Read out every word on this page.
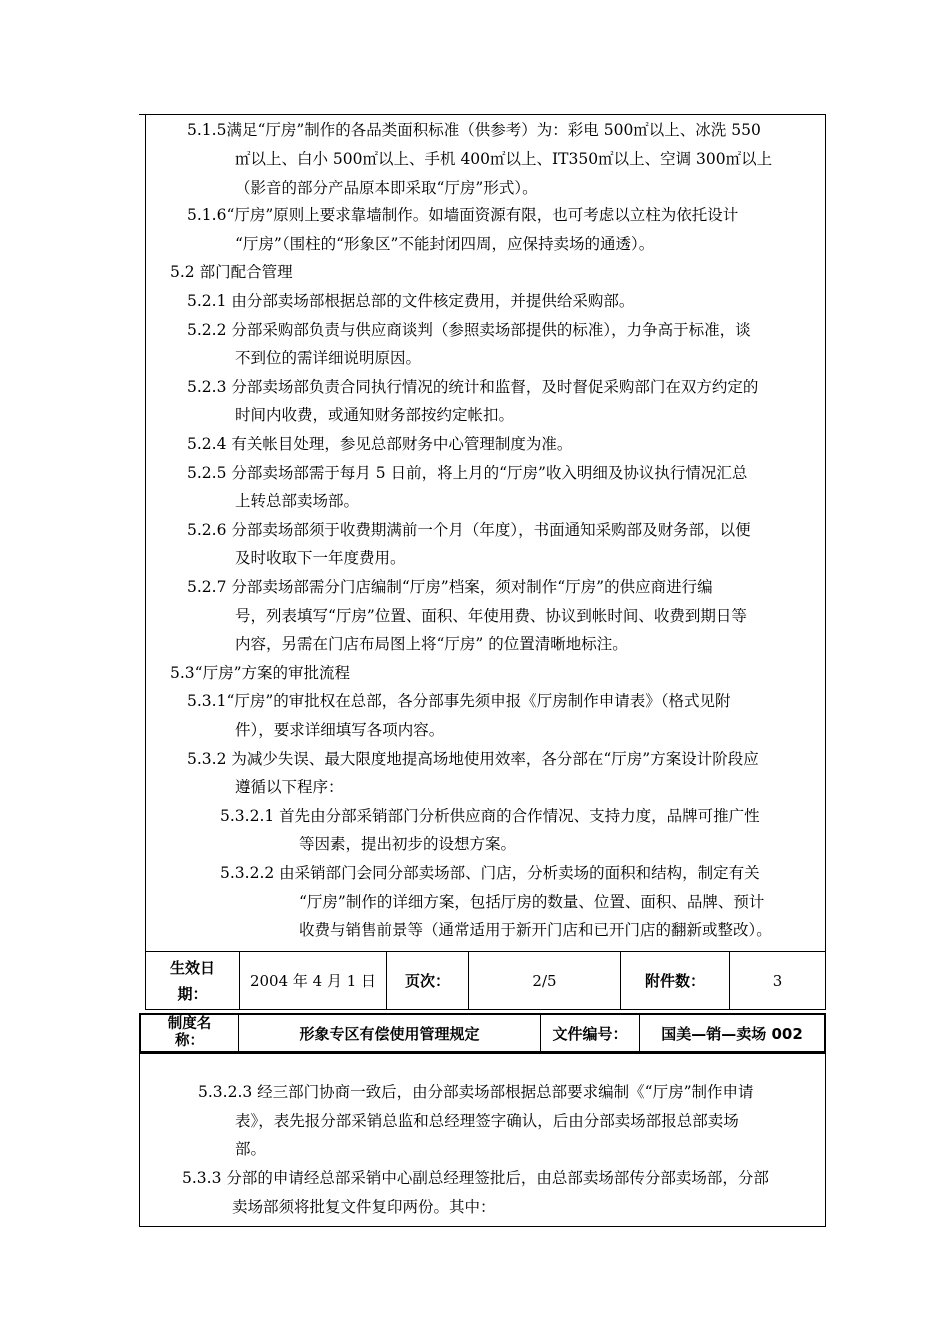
5.1.5满足“厅房”制作的各品类面积标准（供参考）为：彩电 500㎡以上、冰洗 550
㎡以上、白小 500㎡以上、手机 400㎡以上、IT350㎡以上、空调 300㎡以上
（影音的部分产品原本即采取“厅房”形式）。
5.1.6“厅房”原则上要求靠墙制作。如墙面资源有限，也可考虑以立柱为依托设计
“厅房”（围柱的“形象区”不能封闭四周，应保持卖场的通透）。
5.2 部门配合管理
5.2.1 由分部卖场部根据总部的文件核定费用，并提供给采购部。
5.2.2 分部采购部负责与供应商谈判（参照卖场部提供的标准），力争高于标准，谈
不到位的需详细说明原因。
5.2.3 分部卖场部负责合同执行情况的统计和监督，及时督促采购部门在双方约定的
时间内收费，或通知财务部按约定帐扣。
5.2.4 有关帐目处理，参见总部财务中心管理制度为准。
5.2.5 分部卖场部需于每月 5 日前，将上月的“厅房”收入明细及协议执行情况汇总
上转总部卖场部。
5.2.6 分部卖场部须于收费期满前一个月（年度），书面通知采购部及财务部，以便
及时收取下一年度费用。
5.2.7 分部卖场部需分门店编制“厅房”档案，须对制作“厅房”的供应商进行编
号，列表填写“厅房”位置、面积、年使用费、协议到帐时间、收费到期日等
内容，另需在门店布局图上将“厅房” 的位置清晰地标注。
5.3“厅房”方案的审批流程
5.3.1“厅房”的审批权在总部，各分部事先须申报《厅房制作申请表》（格式见附
件），要求详细填写各项内容。
5.3.2 为减少失误、最大限度地提高场地使用效率，各分部在“厅房”方案设计阶段应
遵循以下程序：
5.3.2.1 首先由分部采销部门分析供应商的合作情况、支持力度，品牌可推广性
等因素，提出初步的设想方案。
5.3.2.2 由采销部门会同分部卖场部、门店，分析卖场的面积和结构，制定有关
“厅房”制作的详细方案，包括厅房的数量、位置、面积、品牌、预计
收费与销售前景等（通常适用于新开门店和已开门店的翻新或整改）。
生效日
期：
2004 年 4 月 1 日	页次：	2/5	附件数：	3
制度名
称：	形象专区有偿使用管理规定	文件编号：	国美—销—卖场 002
5.3.2.3 经三部门协商一致后，由分部卖场部根据总部要求编制《“厅房”制作申请
表》，表先报分部采销总监和总经理签字确认，后由分部卖场部报总部卖场
部。
5.3.3 分部的申请经总部采销中心副总经理签批后，由总部卖场部传分部卖场部，分部
卖场部须将批复文件复印两份。其中：
